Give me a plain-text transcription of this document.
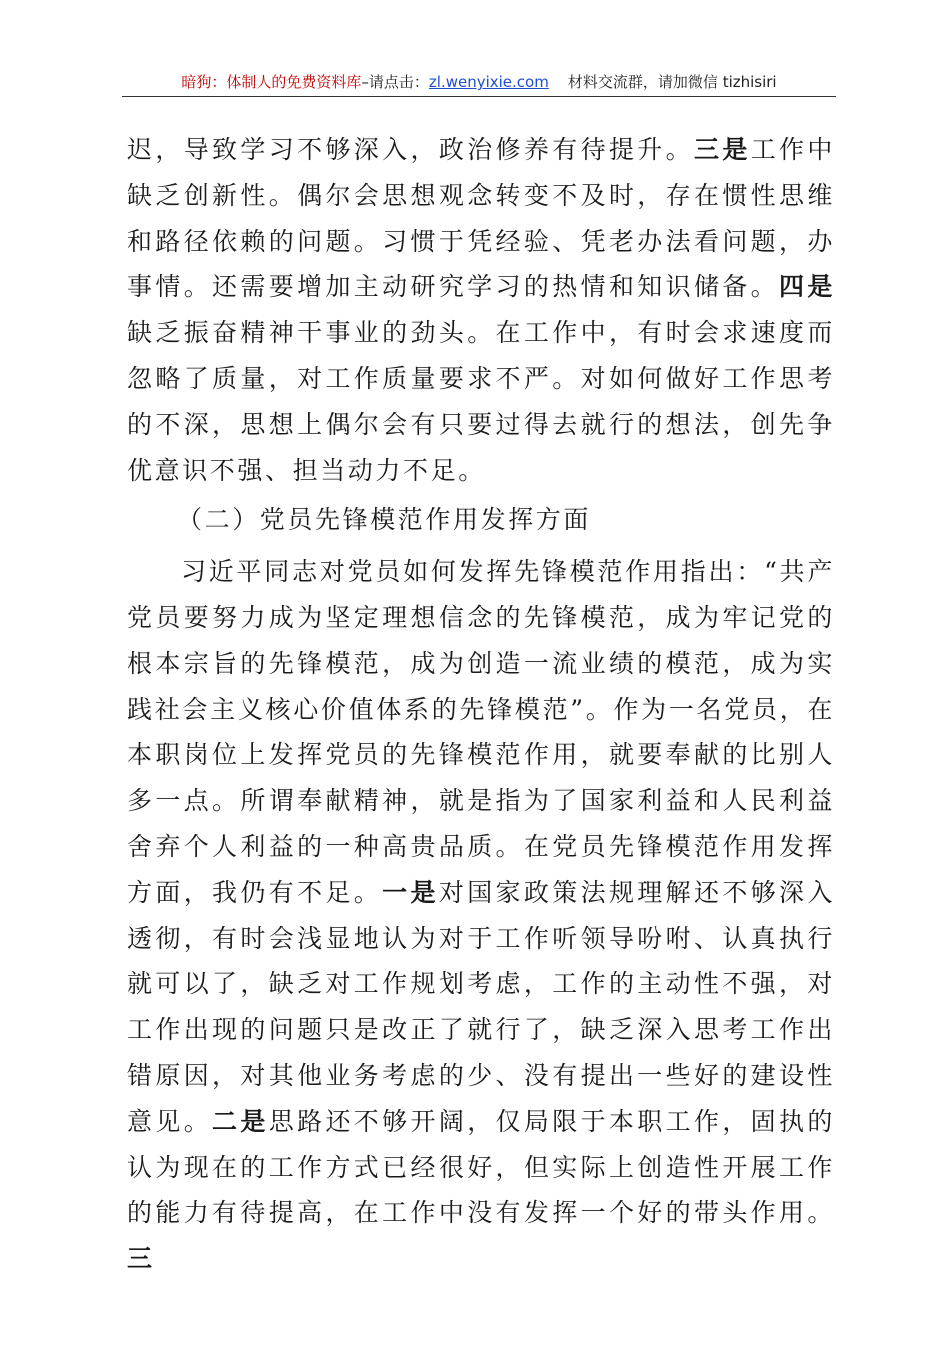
暗狗：体制人的免费资料库–请点击：zl.wenyixie.com 材料交流群，请加微信 tizhisiri

迟，导致学习不够深入，政治修养有待提升。三是工作中缺乏创新性。偶尔会思想观念转变不及时，存在惯性思维和路径依赖的问题。习惯于凭经验、凭老办法看问题，办事情。还需要增加主动研究学习的热情和知识储备。四是缺乏振奋精神干事业的劲头。在工作中，有时会求速度而忽略了质量，对工作质量要求不严。对如何做好工作思考的不深，思想上偶尔会有只要过得去就行的想法，创先争优意识不强、担当动力不足。

（二）党员先锋模范作用发挥方面

习近平同志对党员如何发挥先锋模范作用指出：“共产党员要努力成为坚定理想信念的先锋模范，成为牢记党的根本宗旨的先锋模范，成为创造一流业绩的模范，成为实践社会主义核心价值体系的先锋模范”。作为一名党员，在本职岗位上发挥党员的先锋模范作用，就要奉献的比别人多一点。所谓奉献精神，就是指为了国家利益和人民利益舍弃个人利益的一种高贵品质。在党员先锋模范作用发挥方面，我仍有不足。一是对国家政策法规理解还不够深入透彻，有时会浅显地认为对于工作听领导吩咐、认真执行就可以了，缺乏对工作规划考虑，工作的主动性不强，对工作出现的问题只是改正了就行了，缺乏深入思考工作出错原因，对其他业务考虑的少、没有提出一些好的建设性意见。二是思路还不够开阔，仅局限于本职工作，固执的认为现在的工作方式已经很好，但实际上创造性开展工作的能力有待提高，在工作中没有发挥一个好的带头作用。三
